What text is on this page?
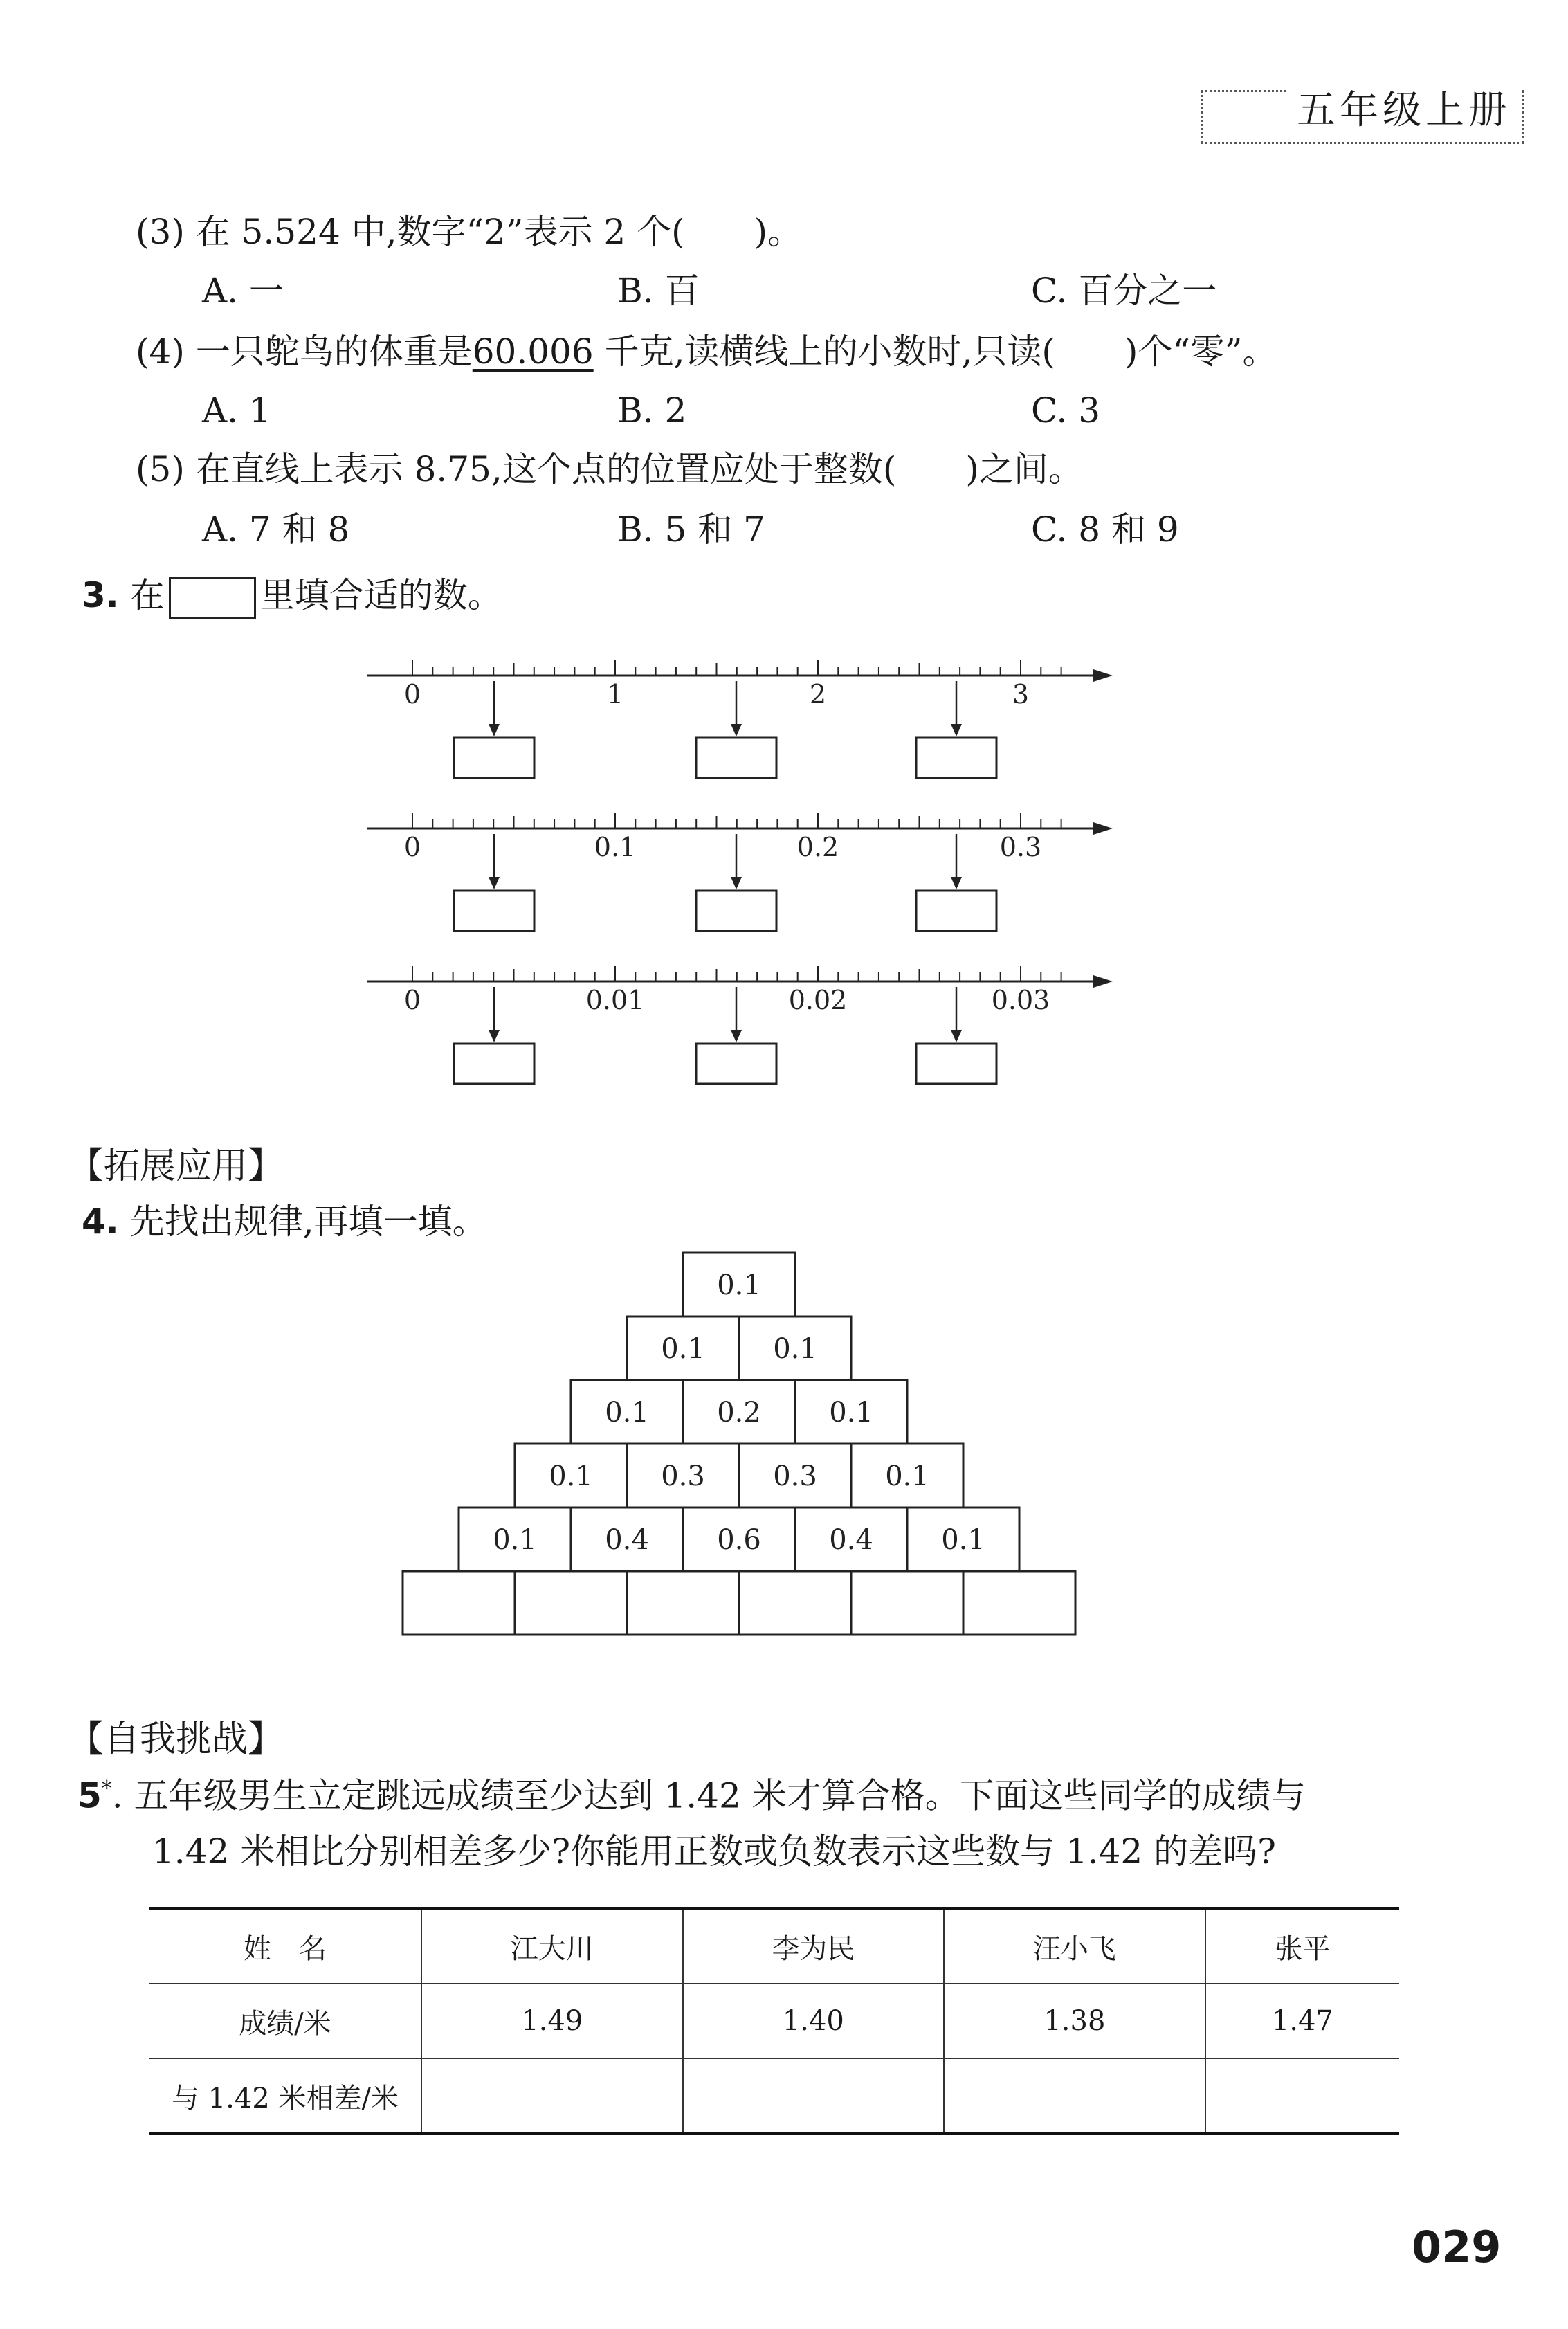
五年级上册
(3) 在 5.524 中,数字“2”表示 2 个(　　)。
A. 一	B. 百	C. 百分之一
(4) 一只鸵鸟的体重是60.006 千克,读横线上的小数时,只读(　　)个“零”。
A. 1	B. 2	C. 3
(5) 在直线上表示 8.75,这个点的位置应处于整数(　　)之间。
A. 7 和 8	B. 5 和 7	C. 8 和 9
3. 在	里填合适的数。
0	1	2	3
0	0.1	0.2	0.3
0	0.01	0.02	0.03
0.1
0.1 0.1
0.1 0.2 0.1
0.1 0.3 0.3 0.1
0.1 0.4 0.6 0.4 0.1
【拓展应用】
4. 先找出规律,再填一填。
【自我挑战】
5*. 五年级男生立定跳远成绩至少达到 1.42 米才算合格。下面这些同学的成绩与
1.42 米相比分别相差多少?你能用正数或负数表示这些数与 1.42 的差吗?
姓　名	江大川	李为民	汪小飞	张平
成绩/米	1.49	1.40	1.38	1.47
与 1.42 米相差/米				
029
